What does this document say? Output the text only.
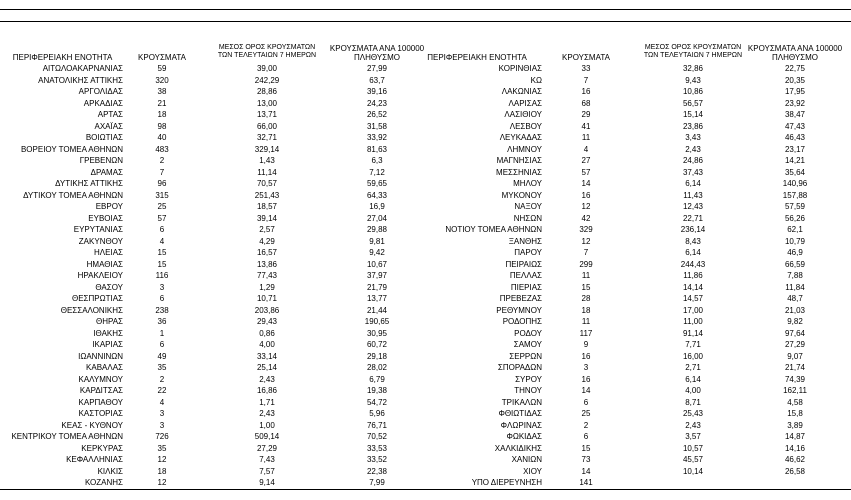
ΠΕΡΙΦΕΡΕΙΑΚΗ ΕΝΟΤΗΤΑ	ΚΡΟΥΣΜΑΤΑ
ΜΕΣΟΣ ΟΡΟΣ ΚΡΟΥΣΜΑΤΩΝ
ΤΩΝ ΤΕΛΕΥΤΑΙΩΝ 7 ΗΜΕΡΩΝ
ΚΡΟΥΣΜΑΤΑ ΑΝΑ 100000
ΠΛΗΘΥΣΜΟ	ΠΕΡΙΦΕΡΕΙΑΚΗ ΕΝΟΤΗΤΑ	ΚΡΟΥΣΜΑΤΑ
ΜΕΣΟΣ ΟΡΟΣ ΚΡΟΥΣΜΑΤΩΝ
ΤΩΝ ΤΕΛΕΥΤΑΙΩΝ 7 ΗΜΕΡΩΝ
ΚΡΟΥΣΜΑΤΑ ΑΝΑ 100000
ΠΛΗΘΥΣΜΟ
ΑΙΤΩΛΟΑΚΑΡΝΑΝΙΑΣ	59	39,00	27,99
ΑΝΑΤΟΛΙΚΗΣ ΑΤΤΙΚΗΣ	320	242,29	63,7
ΑΡΓΟΛΙΔΑΣ	38	28,86	39,16
ΑΡΚΑΔΙΑΣ	21	13,00	24,23
ΑΡΤΑΣ	18	13,71	26,52
ΑΧΑΪΑΣ	98	66,00	31,58
ΒΟΙΩΤΙΑΣ	40	32,71	33,92
ΒΟΡΕΙΟΥ ΤΟΜΕΑ ΑΘΗΝΩΝ	483	329,14	81,63
ΓΡΕΒΕΝΩΝ	2	1,43	6,3
ΔΡΑΜΑΣ	7	11,14	7,12
ΔΥΤΙΚΗΣ ΑΤΤΙΚΗΣ	96	70,57	59,65
ΔΥΤΙΚΟΥ ΤΟΜΕΑ ΑΘΗΝΩΝ	315	251,43	64,33
ΕΒΡΟΥ	25	18,57	16,9
ΕΥΒΟΙΑΣ	57	39,14	27,04
ΕΥΡΥΤΑΝΙΑΣ	6	2,57	29,88
ΖΑΚΥΝΘΟΥ	4	4,29	9,81
ΗΛΕΙΑΣ	15	16,57	9,42
ΗΜΑΘΙΑΣ	15	13,86	10,67
ΗΡΑΚΛΕΙΟΥ	116	77,43	37,97
ΘΑΣΟΥ	3	1,29	21,79
ΘΕΣΠΡΩΤΙΑΣ	6	10,71	13,77
ΘΕΣΣΑΛΟΝΙΚΗΣ	238	203,86	21,44
ΘΗΡΑΣ	36	29,43	190,65
ΙΘΑΚΗΣ	1	0,86	30,95
ΙΚΑΡΙΑΣ	6	4,00	60,72
ΙΩΑΝΝΙΝΩΝ	49	33,14	29,18
ΚΑΒΑΛΑΣ	35	25,14	28,02
ΚΑΛΥΜΝΟΥ	2	2,43	6,79
ΚΑΡΔΙΤΣΑΣ	22	16,86	19,38
ΚΑΡΠΑΘΟΥ	4	1,71	54,72
ΚΑΣΤΟΡΙΑΣ	3	2,43	5,96
ΚΕΑΣ - ΚΥΘΝΟΥ	3	1,00	76,71
ΚΕΝΤΡΙΚΟΥ ΤΟΜΕΑ ΑΘΗΝΩΝ	726	509,14	70,52
ΚΕΡΚΥΡΑΣ	35	27,29	33,53
ΚΕΦΑΛΛΗΝΙΑΣ	12	7,43	33,52
ΚΙΛΚΙΣ	18	7,57	22,38
ΚΟΖΑΝΗΣ	12	9,14	7,99
ΚΟΡΙΝΘΙΑΣ	33	32,86	22,75
ΚΩ	7	9,43	20,35
ΛΑΚΩΝΙΑΣ	16	10,86	17,95
ΛΑΡΙΣΑΣ	68	56,57	23,92
ΛΑΣΙΘΙΟΥ	29	15,14	38,47
ΛΕΣΒΟΥ	41	23,86	47,43
ΛΕΥΚΑΔΑΣ	11	3,43	46,43
ΛΗΜΝΟΥ	4	2,43	23,17
ΜΑΓΝΗΣΙΑΣ	27	24,86	14,21
ΜΕΣΣΗΝΙΑΣ	57	37,43	35,64
ΜΗΛΟΥ	14	6,14	140,96
ΜΥΚΟΝΟΥ	16	11,43	157,88
ΝΑΞΟΥ	12	12,43	57,59
ΝΗΣΩΝ	42	22,71	56,26
ΝΟΤΙΟΥ ΤΟΜΕΑ ΑΘΗΝΩΝ	329	236,14	62,1
ΞΑΝΘΗΣ	12	8,43	10,79
ΠΑΡΟΥ	7	6,14	46,9
ΠΕΙΡΑΙΩΣ	299	244,43	66,59
ΠΕΛΛΑΣ	11	11,86	7,88
ΠΙΕΡΙΑΣ	15	14,14	11,84
ΠΡΕΒΕΖΑΣ	28	14,57	48,7
ΡΕΘΥΜΝΟΥ	18	17,00	21,03
ΡΟΔΟΠΗΣ	11	11,00	9,82
ΡΟΔΟΥ	117	91,14	97,64
ΣΑΜΟΥ	9	7,71	27,29
ΣΕΡΡΩΝ	16	16,00	9,07
ΣΠΟΡΑΔΩΝ	3	2,71	21,74
ΣΥΡΟΥ	16	6,14	74,39
ΤΗΝΟΥ	14	4,00	162,11
ΤΡΙΚΑΛΩΝ	6	8,71	4,58
ΦΘΙΩΤΙΔΑΣ	25	25,43	15,8
ΦΛΩΡΙΝΑΣ	2	2,43	3,89
ΦΩΚΙΔΑΣ	6	3,57	14,87
ΧΑΛΚΙΔΙΚΗΣ	15	10,57	14,16
ΧΑΝΙΩΝ	73	45,57	46,62
ΧΙΟΥ	14	10,14	26,58
ΥΠΟ ΔΙΕΡΕΥΝΗΣΗ	141
